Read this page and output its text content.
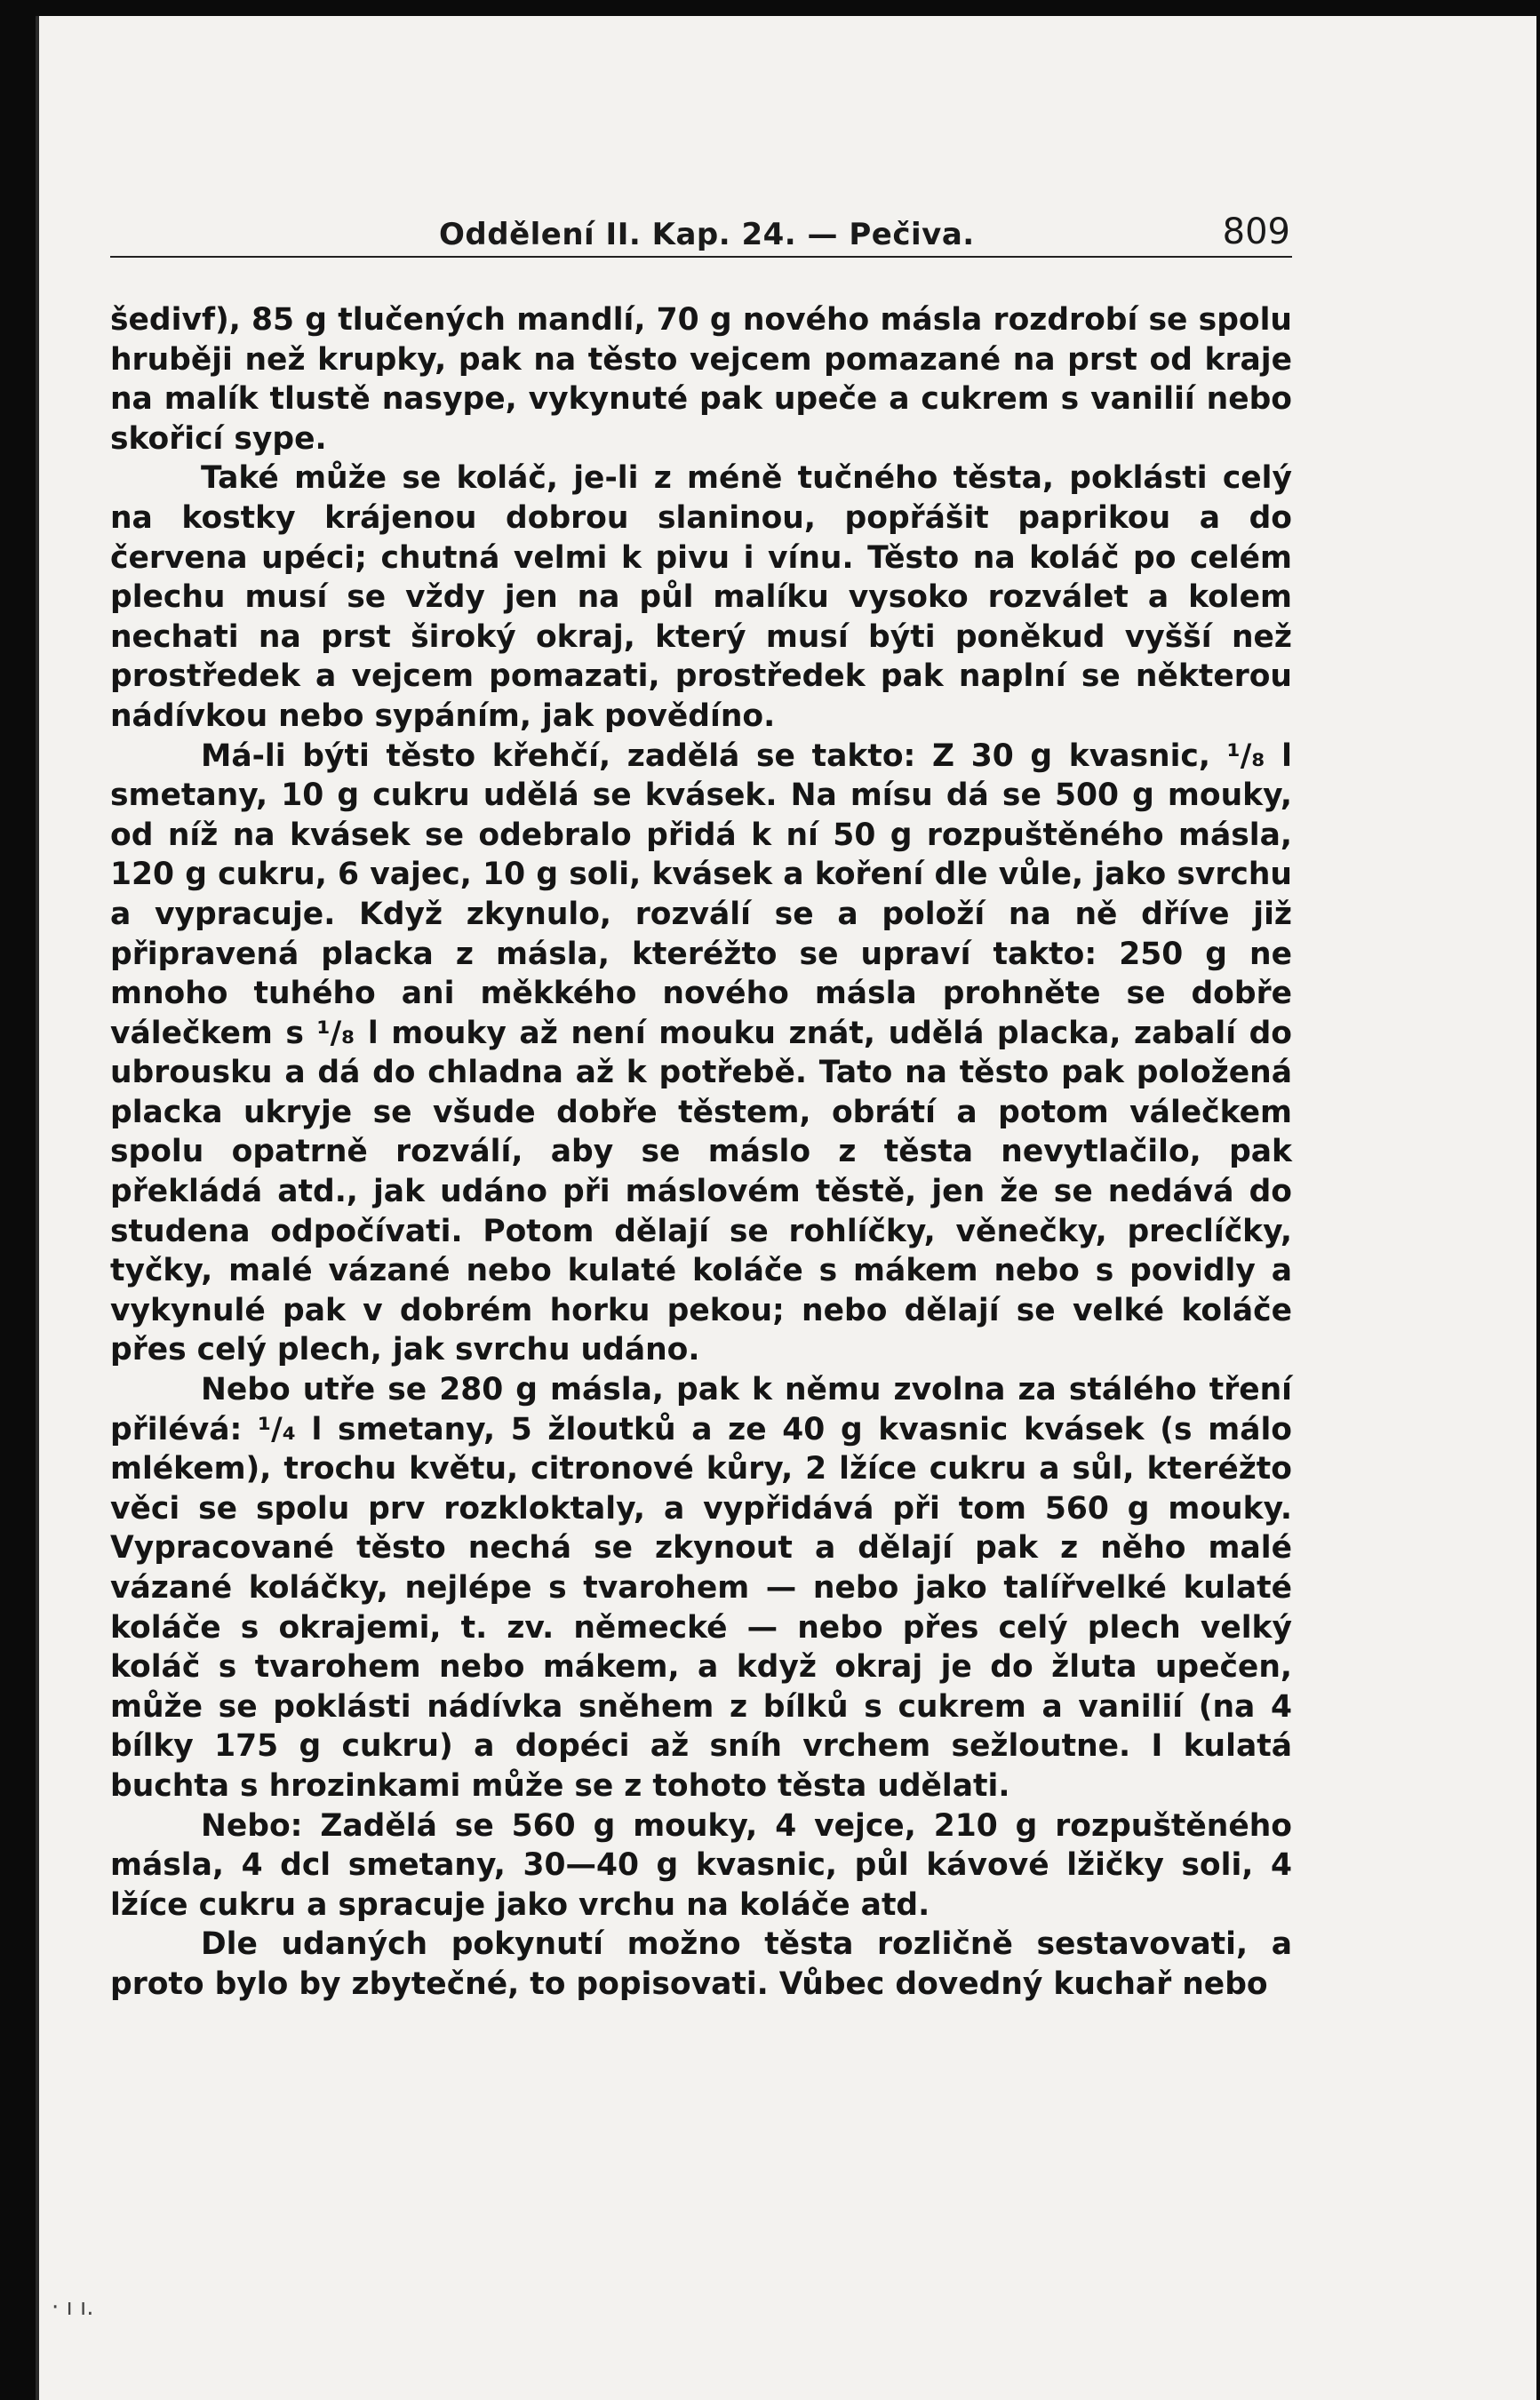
Oddělení II. Kap. 24. — Pečiva.	809

šedivf), 85 g tlučených mandlí, 70 g nového másla rozdrobí se spolu hruběji než krupky, pak na těsto vejcem pomazané na prst od kraje na malík tlustě nasype, vykynuté pak upeče a cukrem s vanilií nebo skořicí sype.

Také může se koláč, je-li z méně tučného těsta, poklásti celý na kostky krájenou dobrou slaninou, popřášit paprikou a do červena upéci; chutná velmi k pivu i vínu. Těsto na koláč po celém plechu musí se vždy jen na půl malíku vysoko rozválet a kolem nechati na prst široký okraj, který musí býti poněkud vyšší než prostředek a vejcem pomazati, prostředek pak naplní se některou nádívkou nebo sypáním, jak povědíno.

Má-li býti těsto křehčí, zadělá se takto: Z 30 g kvasnic, ¹/₈ l smetany, 10 g cukru udělá se kvásek. Na mísu dá se 500 g mouky, od níž na kvásek se odebralo přidá k ní 50 g rozpuštěného másla, 120 g cukru, 6 vajec, 10 g soli, kvásek a koření dle vůle, jako svrchu a vypracuje. Když zkynulo, rozválí se a položí na ně dříve již připravená placka z másla, kteréžto se upraví takto: 250 g ne mnoho tuhého ani měkkého nového másla prohněte se dobře válečkem s ¹/₈ l mouky až není mouku znát, udělá placka, zabalí do ubrousku a dá do chladna až k potřebě. Tato na těsto pak položená placka ukryje se všude dobře těstem, obrátí a potom válečkem spolu opatrně rozválí, aby se máslo z těsta nevytlačilo, pak překládá atd., jak udáno při máslovém těstě, jen že se nedává do studena odpočívati. Potom dělají se rohlíčky, věnečky, preclíčky, tyčky, malé vázané nebo kulaté koláče s mákem nebo s povidly a vykynulé pak v dobrém horku pekou; nebo dělají se velké koláče přes celý plech, jak svrchu udáno.

Nebo utře se 280 g másla, pak k němu zvolna za stálého tření přilévá: ¹/₄ l smetany, 5 žloutků a ze 40 g kvasnic kvásek (s málo mlékem), trochu květu, citronové kůry, 2 lžíce cukru a sůl, kteréžto věci se spolu prv rozkloktaly, a vypřidává při tom 560 g mouky. Vypracované těsto nechá se zkynout a dělají pak z něho malé vázané koláčky, nejlépe s tvarohem — nebo jako talířvelké kulaté koláče s okrajemi, t. zv. německé — nebo přes celý plech velký koláč s tvarohem nebo mákem, a když okraj je do žluta upečen, může se poklásti nádívka sněhem z bílků s cukrem a vanilií (na 4 bílky 175 g cukru) a dopéci až sníh vrchem sežloutne. I kulatá buchta s hrozinkami může se z tohoto těsta udělati.

Nebo: Zadělá se 560 g mouky, 4 vejce, 210 g rozpuštěného másla, 4 dcl smetany, 30—40 g kvasnic, půl kávové lžičky soli, 4 lžíce cukru a spracuje jako vrchu na koláče atd.

Dle udaných pokynutí možno těsta rozličně sestavovati, a proto bylo by zbytečné, to popisovati. Vůbec dovedný kuchař nebo

· ı ı.
